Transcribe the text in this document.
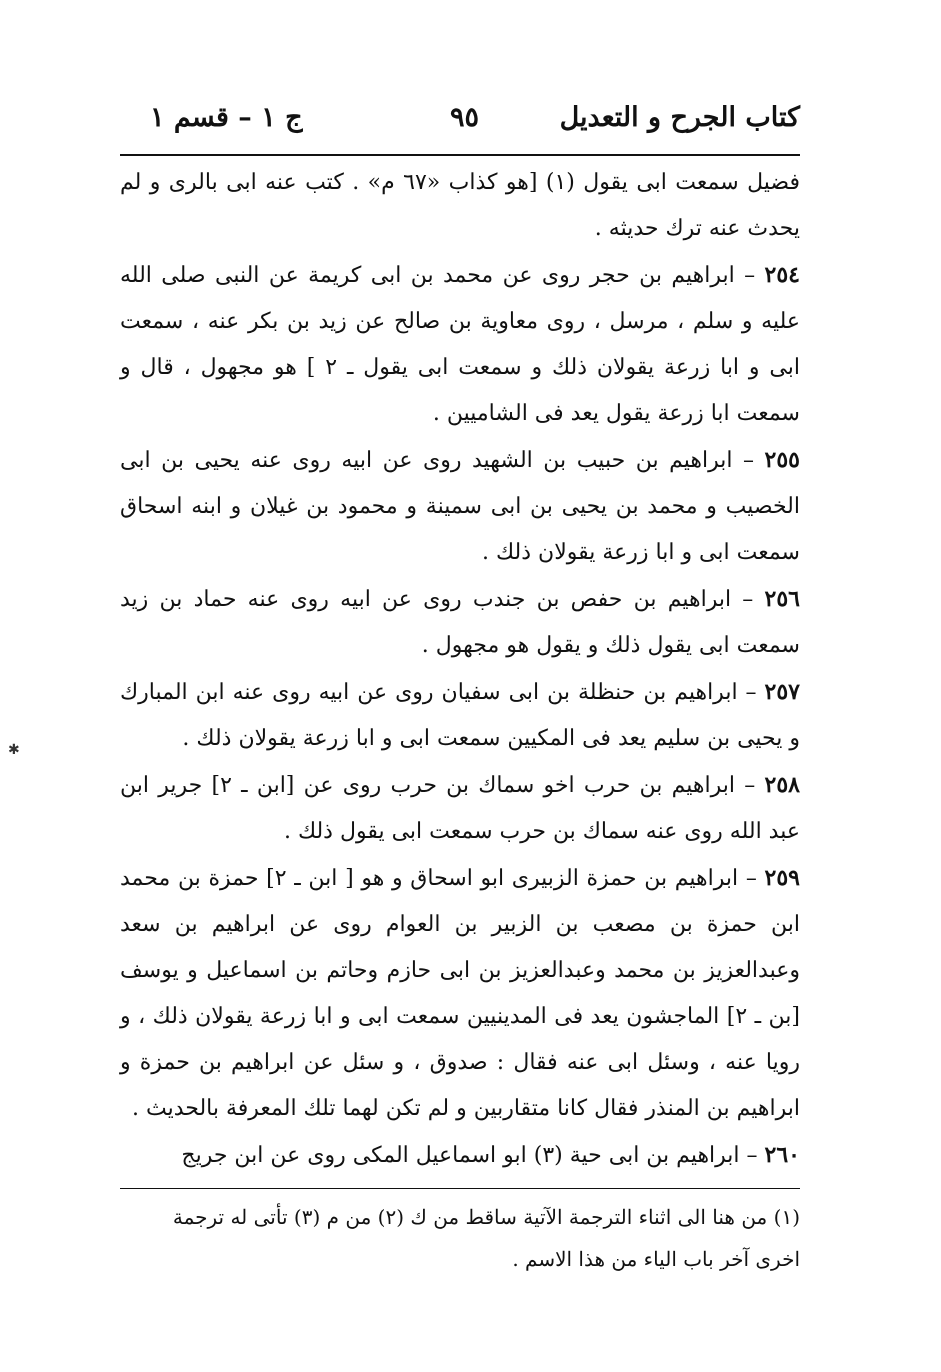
كتاب الجرح و التعديل
٩٥
ج ١ – قسم ١

فضيل سمعت ابى يقول (١) [هو كذاب «٦٧ م» . كتب عنه ابى بالرى و لم يحدث عنه ترك حديثه .

٢٥٤ – ابراهيم بن حجر روى عن محمد بن ابى كريمة عن النبى صلى الله عليه و سلم ، مرسل ، روى معاوية بن صالح عن زيد بن بكر عنه ، سمعت ابى و ابا زرعة يقولان ذلك و سمعت ابى يقول ـ ٢ ] هو مجهول ، قال و سمعت ابا زرعة يقول يعد فى الشاميين .

٢٥٥ – ابراهيم بن حبيب بن الشهيد روى عن ابيه روى عنه يحيى بن ابى الخصيب و محمد بن يحيى بن ابى سمينة و محمود بن غيلان و ابنه اسحاق سمعت ابى و ابا زرعة يقولان ذلك .

٢٥٦ – ابراهيم بن حفص بن جندب روى عن ابيه روى عنه حماد بن زيد سمعت ابى يقول ذلك و يقول هو مجهول .

٢٥٧ – ابراهيم بن حنظلة بن ابى سفيان روى عن ابيه روى عنه ابن المبارك و يحيى بن سليم يعد فى المكيين سمعت ابى و ابا زرعة يقولان ذلك .

٢٥٨ – ابراهيم بن حرب اخو سماك بن حرب روى عن [ابن ـ ٢] جرير ابن عبد الله روى عنه سماك بن حرب سمعت ابى يقول ذلك .

٢٥٩ – ابراهيم بن حمزة الزبيرى ابو اسحاق و هو [ ابن ـ ٢] حمزة بن محمد ابن حمزة بن مصعب بن الزبير بن العوام روى عن ابراهيم بن سعد وعبدالعزيز بن محمد وعبدالعزيز بن ابى حازم وحاتم بن اسماعيل و يوسف [بن ـ ٢] الماجشون يعد فى المدينيين سمعت ابى و ابا زرعة يقولان ذلك ، و رويا عنه ، وسئل ابى عنه فقال : صدوق ، و سئل عن ابراهيم بن حمزة و ابراهيم بن المنذر فقال كانا متقاربين و لم تكن لهما تلك المعرفة بالحديث .

٢٦٠ – ابراهيم بن ابى حية (٣) ابو اسماعيل المكى روى عن ابن جريج

(١) من هنا الى اثناء الترجمة الآتية ساقط من ك (٢) من م (٣) تأتى له ترجمة

اخرى آخر باب الياء من هذا الاسم .

✱
